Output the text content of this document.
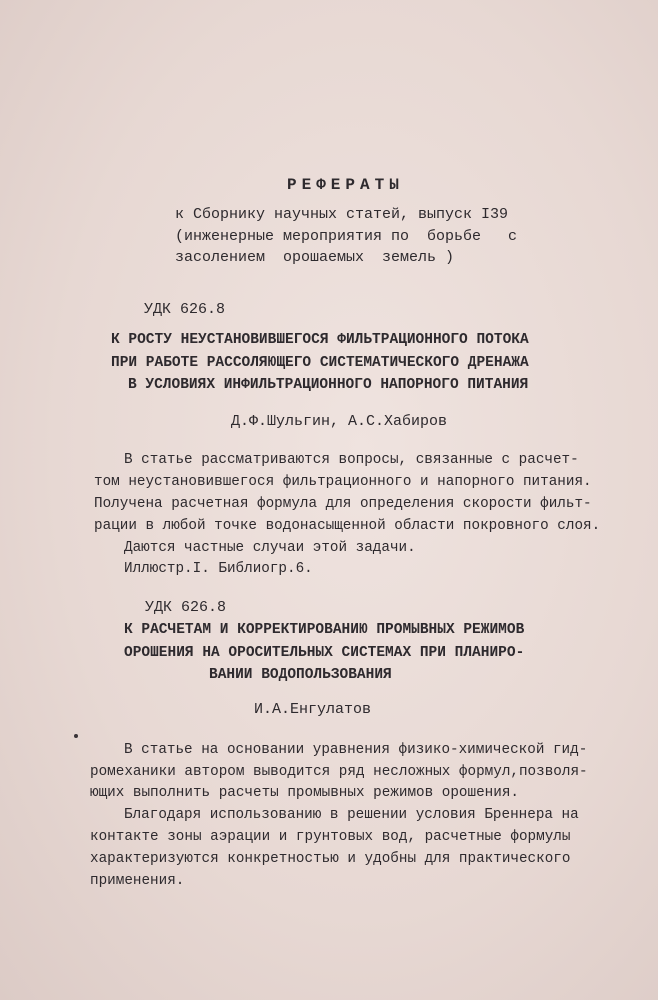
РЕФЕРАТЫ
к Сборнику научных статей, выпуск I39
(инженерные мероприятия по  борьбе   с
засолением  орошаемых  земель )
УДК 626.8
К РОСТУ НЕУСТАНОВИВШЕГОСЯ ФИЛЬТРАЦИОННОГО ПОТОКА
ПРИ РАБОТЕ РАССОЛЯЮЩЕГО СИСТЕМАТИЧЕСКОГО ДРЕНАЖА
В УСЛОВИЯХ ИНФИЛЬТРАЦИОННОГО НАПОРНОГО ПИТАНИЯ
Д.Ф.Шульгин, А.С.Хабиров
В статье рассматриваются вопросы, связанные с расчет-
том неустановившегося фильтрационного и напорного питания.
Получена расчетная формула для определения скорости фильт-
рации в любой точке водонасыщенной области покровного слоя.
Даются частные случаи этой задачи.
Иллюстр.I. Библиогр.6.
УДК 626.8
К РАСЧЕТАМ И КОРРЕКТИРОВАНИЮ ПРОМЫВНЫХ РЕЖИМОВ
ОРОШЕНИЯ НА ОРОСИТЕЛЬНЫХ СИСТЕМАХ ПРИ ПЛАНИРО-
ВАНИИ ВОДОПОЛЬЗОВАНИЯ
И.А.Енгулатов
В статье на основании уравнения физико-химической гид-
ромеханики автором выводится ряд несложных формул,позволя-
ющих выполнить расчеты промывных режимов орошения.
Благодаря использованию в решении условия Бреннера на
контакте зоны аэрации и грунтовых вод, расчетные формулы
характеризуются конкретностью и удобны для практического
применения.
